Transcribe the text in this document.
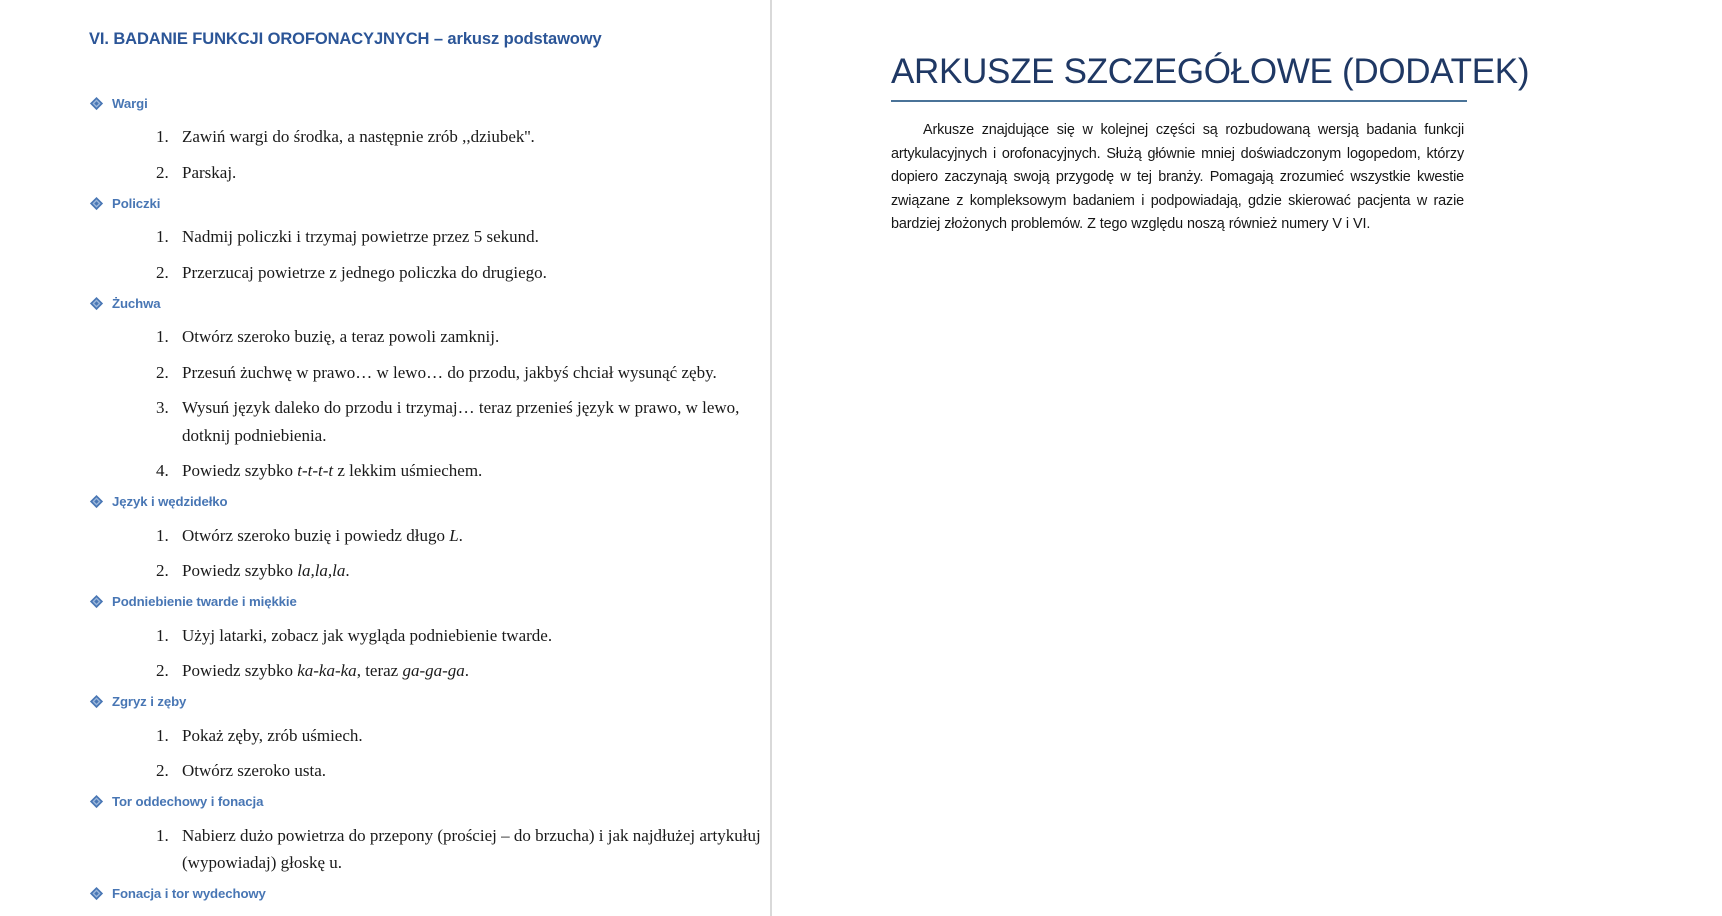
VI. BADANIE FUNKCJI OROFONACYJNYCH – arkusz podstawowy
Wargi
1. Zawiń wargi do środka, a następnie zrób ,,dziubek''.
2. Parskaj.
Policzki
1. Nadmij policzki i trzymaj powietrze przez 5 sekund.
2. Przerzucaj powietrze z jednego policzka do drugiego.
Żuchwa
1. Otwórz szeroko buzię, a teraz powoli zamknij.
2. Przesuń żuchwę w prawo… w lewo… do przodu, jakbyś chciał wysunąć zęby.
3. Wysuń język daleko do przodu i trzymaj… teraz przenieś język w prawo, w lewo, dotknij podniebienia.
4. Powiedz szybko t-t-t-t z lekkim uśmiechem.
Język i wędzidełko
1. Otwórz szeroko buzię i powiedz długo L.
2. Powiedz szybko la,la,la.
Podniebienie twarde i miękkie
1. Użyj latarki, zobacz jak wygląda podniebienie twarde.
2. Powiedz szybko ka-ka-ka, teraz ga-ga-ga.
Zgryz i zęby
1. Pokaż zęby, zrób uśmiech.
2. Otwórz szeroko usta.
Tor oddechowy i fonacja
1. Nabierz dużo powietrza do przepony (prościej – do brzucha) i jak najdłużej artykułuj (wypowiadaj) głoskę u.
Fonacja i tor wydechowy
ARKUSZE SZCZEGÓŁOWE (DODATEK)
Arkusze znajdujące się w kolejnej części są rozbudowaną wersją badania funkcji artykulacyjnych i orofonacyjnych. Służą głównie mniej doświadczonym logopedom, którzy dopiero zaczynają swoją przygodę w tej branży. Pomagają zrozumieć wszystkie kwestie związane z kompleksowym badaniem i podpowiadają, gdzie skierować pacjenta w razie bardziej złożonych problemów. Z tego względu noszą również numery V i VI.
